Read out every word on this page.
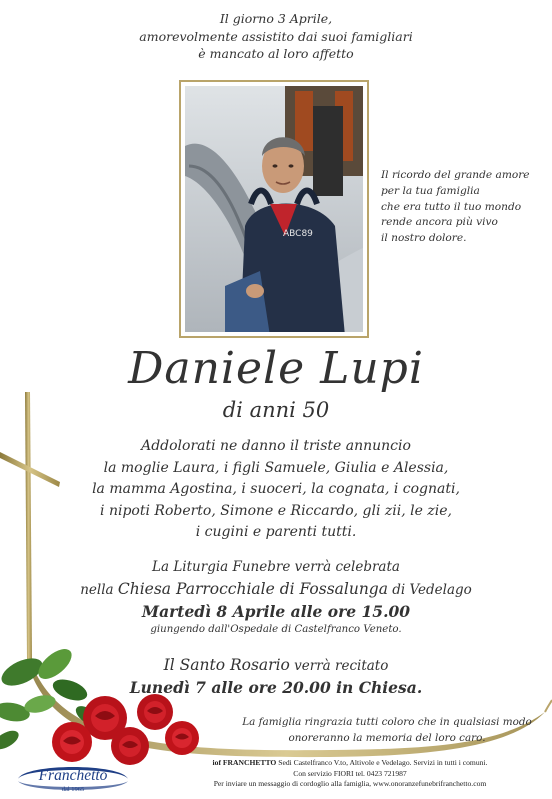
Il giorno 3 Aprile,
amorevolmente assistito dai suoi famigliari
è mancato al loro affetto
ABC89
Il ricordo del grande amore
per la tua famiglia
che era tutto il tuo mondo
rende ancora più vivo
il nostro dolore.
Daniele Lupi
di anni 50
Addolorati ne danno il triste annuncio
la moglie Laura, i figli Samuele, Giulia e Alessia,
la mamma Agostina, i suoceri, la cognata, i cognati,
i nipoti Roberto, Simone e Riccardo, gli zii, le zie,
i cugini e parenti tutti.
La Liturgia Funebre verrà celebrata
nella Chiesa Parrocchiale di Fossalunga di Vedelago
Martedì 8 Aprile alle ore 15.00
giungendo dall'Ospedale di Castelfranco Veneto.
Il Santo Rosario verrà recitato
Lunedì 7 alle ore 20.00 in Chiesa.
La famiglia ringrazia tutti coloro che in qualsiasi modo
onoreranno la memoria del loro caro.
Franchetto
dal 1965
iof FRANCHETTO Sedi Castelfranco V.to, Altivole e Vedelago. Servizi in tutti i comuni.
Con servizio FIORI tel. 0423 721987
Per inviare un messaggio di cordoglio alla famiglia, www.onoranzefunebrifranchetto.com
